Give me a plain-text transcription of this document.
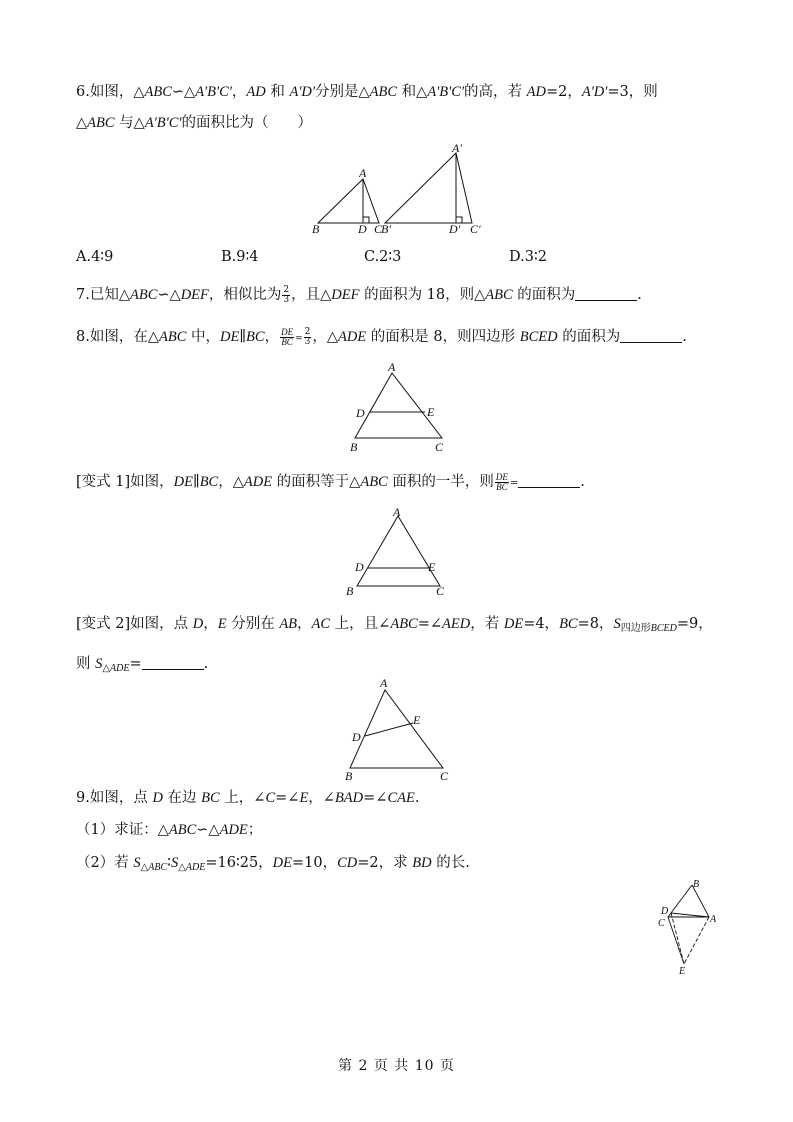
6.如图，△ABC∽△A'B'C'，AD 和 A'D'分别是△ABC 和△A'B'C'的高，若 AD=2，A'D'=3，则
△ABC 与△A'B'C'的面积比为（　　）
A
B	D C
B'
A'
D' C'
A.4∶9	B.9∶4	C.2∶3	D.3∶2
7.已知△ABC∽△DEF，相似比为 $\frac{2}{3}$ ，且△DEF 的面积为 18，则△ABC 的面积为	.
8.如图，在△ABC 中，DE∥BC， $\frac{DE}{BC} = \frac{2}{3}$ ，△ADE 的面积是 8，则四边形 BCED 的面积为	.
A
D	E
B	C
[变式 1]如图，DE∥BC，△ADE 的面积等于△ABC 面积的一半，则 $\frac{DE}{BC}$ =	.
A
D	E
B	C
[变式 2]如图，点 D，E 分别在 AB，AC 上，且∠ABC=∠AED，若 DE=4，BC=8，$S_{四边形BCED}=9$，
则 $S_{\triangle ADE}=$	.
A
E
D
B	C
9.如图，点 D 在边 BC 上，∠C=∠E，∠BAD=∠CAE.
（1）求证：△ABC∽△ADE；
（2）若 $S_{\triangle ABC}∶S_{\triangle ADE}=16∶25$，DE=10，CD=2，求 BD 的长.
B
D
A
C
E
第 2 页 共 10 页
